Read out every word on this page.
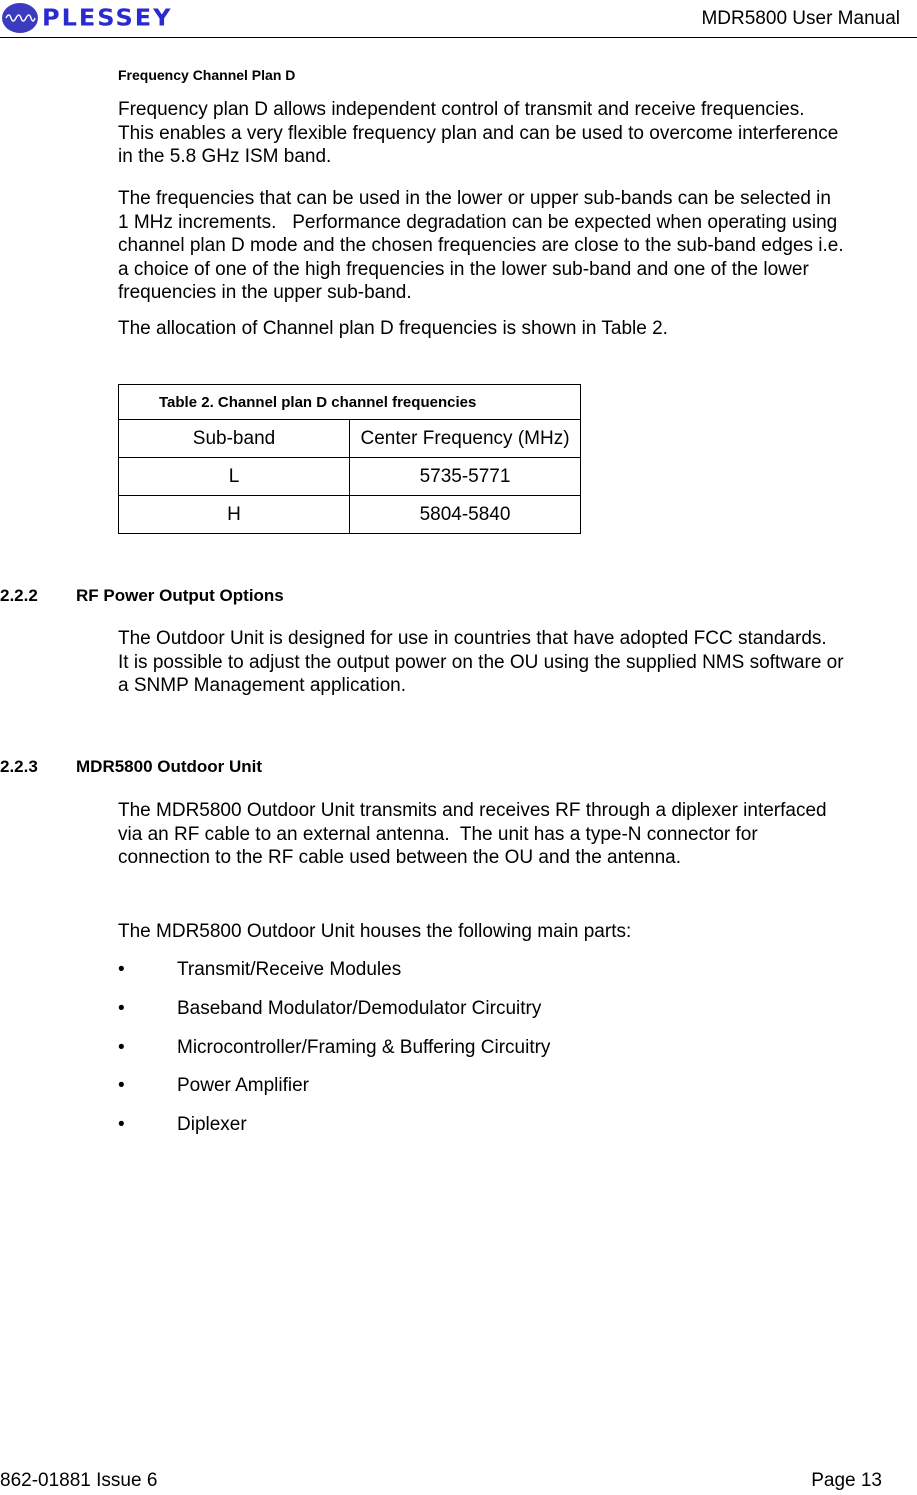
PLESSEY	MDR5800 User Manual
Frequency Channel Plan D
Frequency plan D allows independent control of transmit and receive frequencies.
This enables a very flexible frequency plan and can be used to overcome interference
in the 5.8 GHz ISM band.
The frequencies that can be used in the lower or upper sub-bands can be selected in
1 MHz increments.   Performance degradation can be expected when operating using
channel plan D mode and the chosen frequencies are close to the sub-band edges i.e.
a choice of one of the high frequencies in the lower sub-band and one of the lower
frequencies in the upper sub-band.
The allocation of Channel plan D frequencies is shown in Table 2.
Table 2. Channel plan D channel frequencies	
Sub-band	Center Frequency (MHz)
L	5735-5771
H	5804-5840
2.2.2 RF Power Output Options
The Outdoor Unit is designed for use in countries that have adopted FCC standards.
It is possible to adjust the output power on the OU using the supplied NMS software or
a SNMP Management application.
2.2.3 MDR5800 Outdoor Unit
The MDR5800 Outdoor Unit transmits and receives RF through a diplexer interfaced
via an RF cable to an external antenna.  The unit has a type-N connector for
connection to the RF cable used between the OU and the antenna.
The MDR5800 Outdoor Unit houses the following main parts:
•	Transmit/Receive Modules
•	Baseband Modulator/Demodulator Circuitry
•	Microcontroller/Framing & Buffering Circuitry
•	Power Amplifier
•	Diplexer
862-01881 Issue 6	Page 13
